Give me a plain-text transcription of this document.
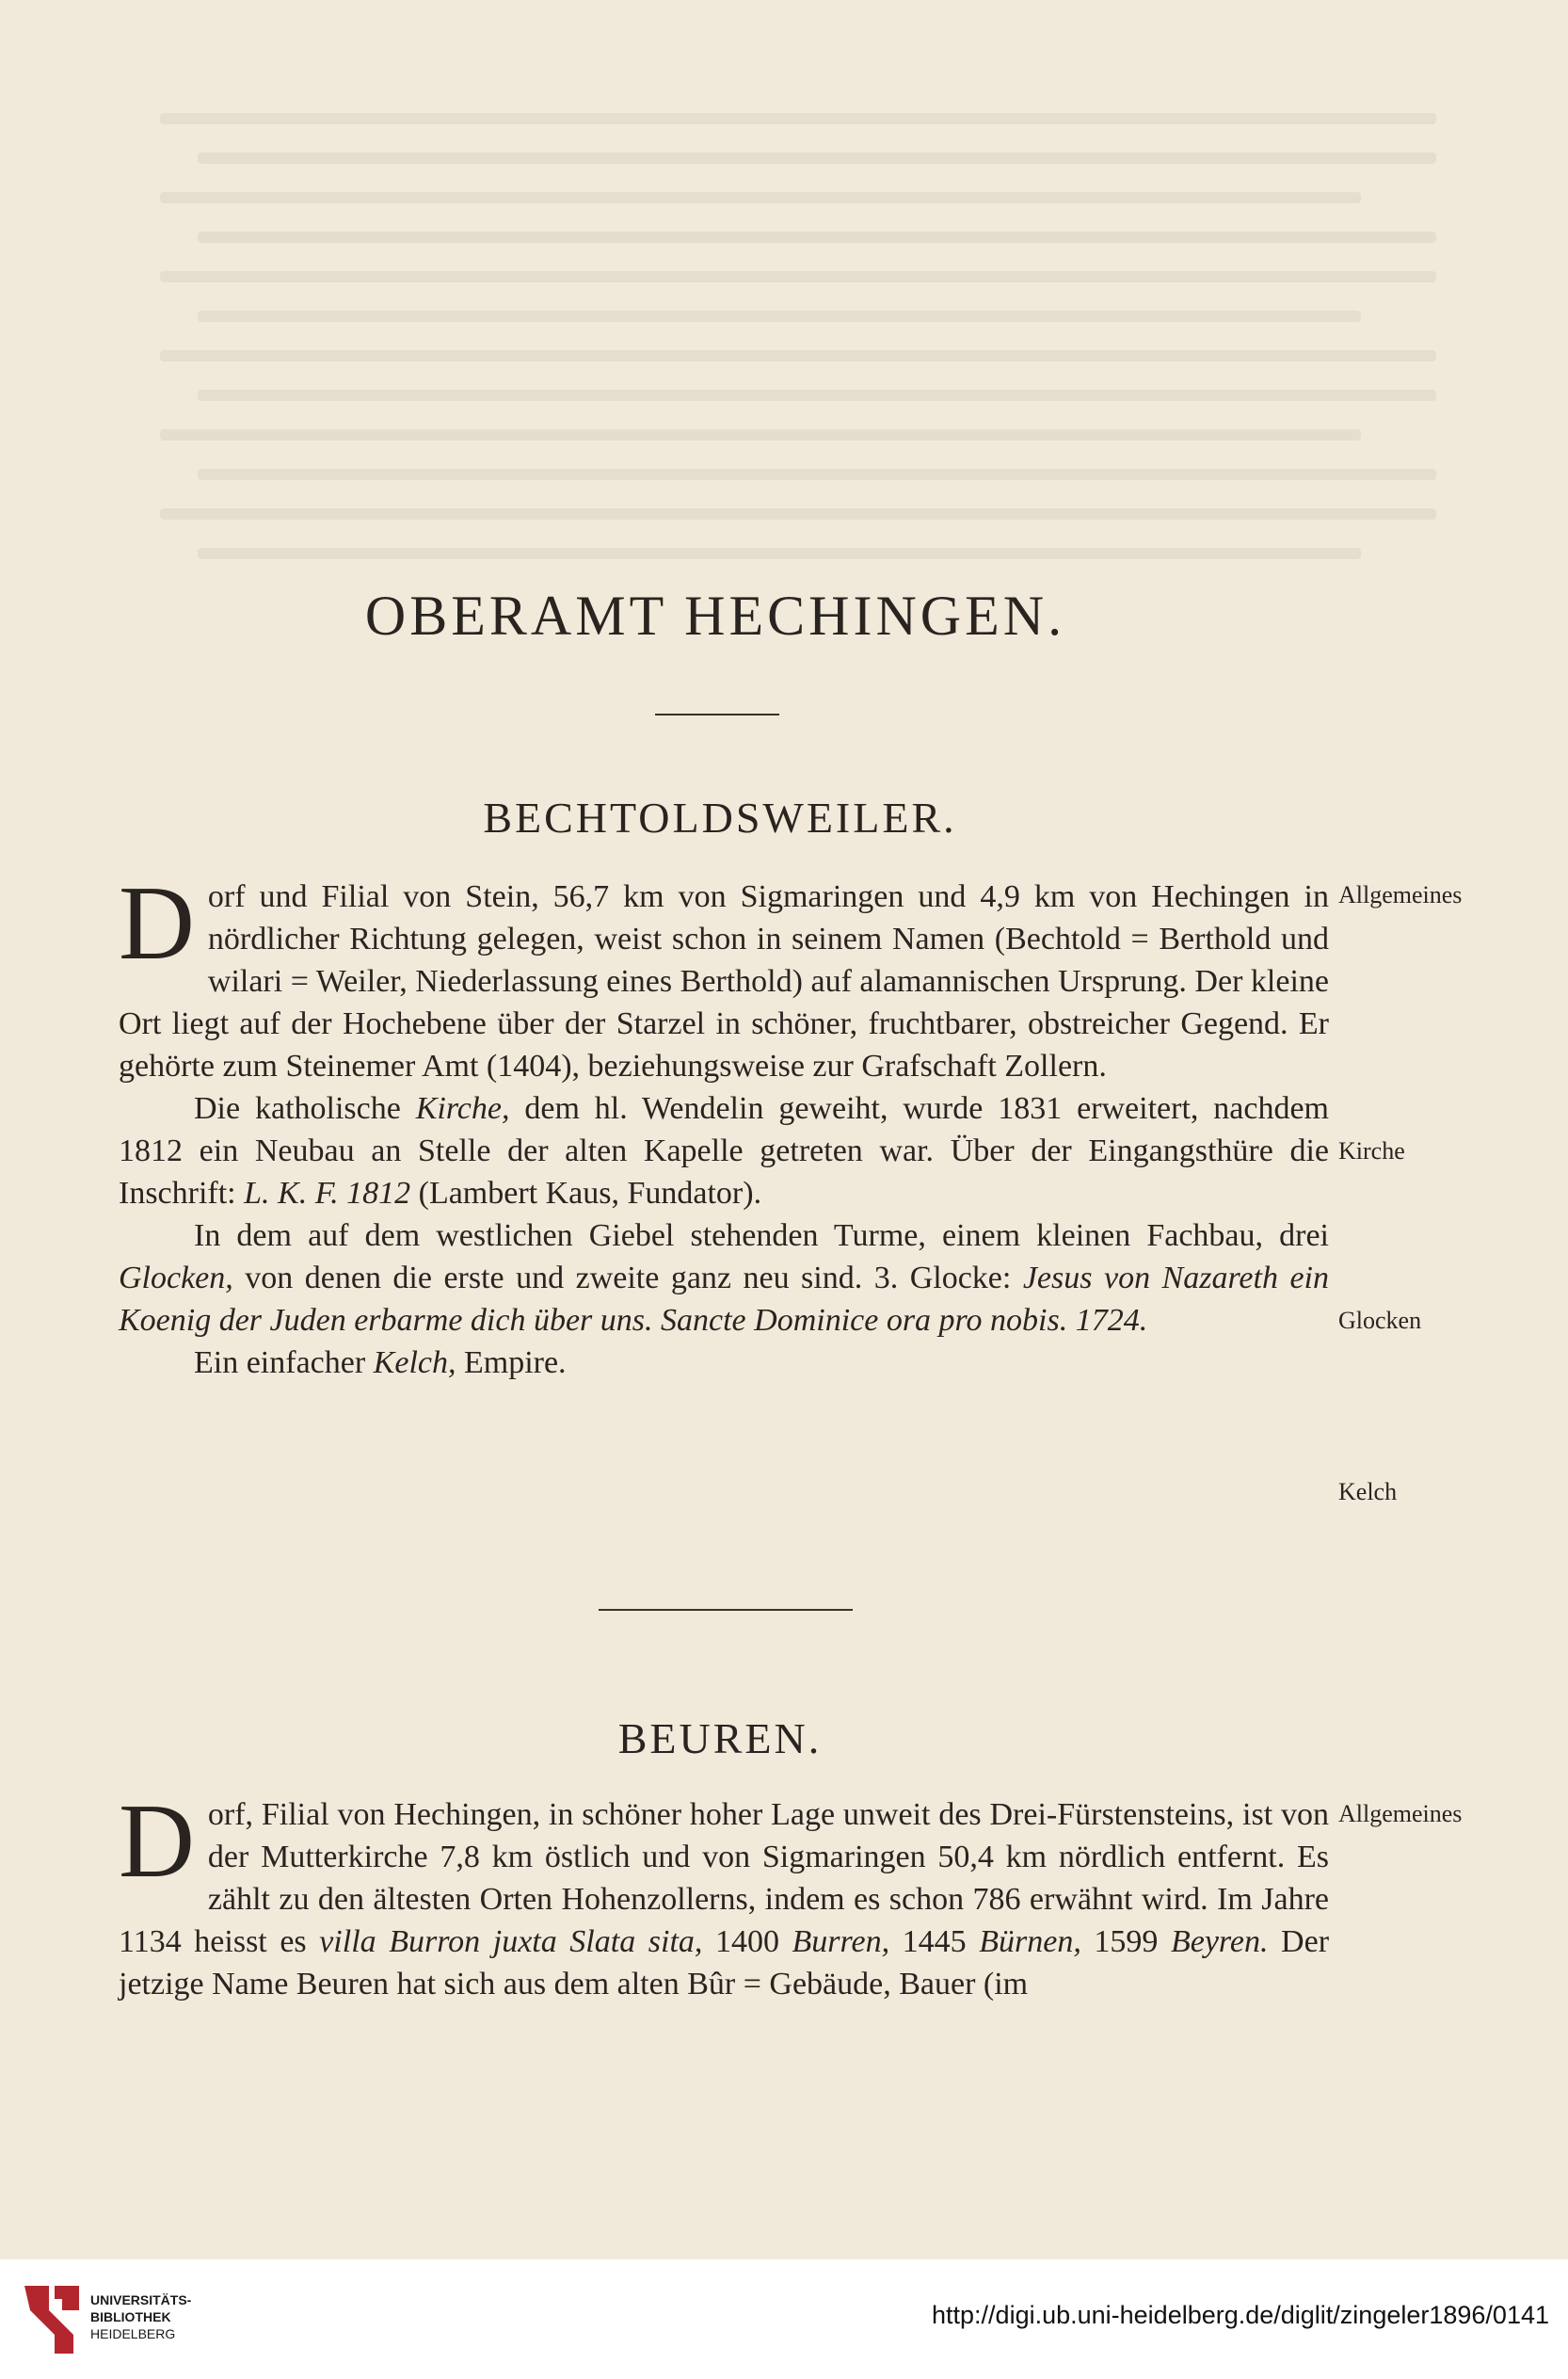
OBERAMT HECHINGEN.
BECHTOLDSWEILER.

Dorf und Filial von Stein, 56,7 km von Sigmaringen und 4,9 km von Hechingen in nördlicher Richtung gelegen, weist schon in seinem Namen (Bechtold = Berthold und wilari = Weiler, Niederlassung eines Berthold) auf alamannischen Ursprung. Der kleine Ort liegt auf der Hochebene über der Starzel in schöner, fruchtbarer, obstreicher Gegend. Er gehörte zum Steinemer Amt (1404), beziehungsweise zur Grafschaft Zollern.

Die katholische Kirche, dem hl. Wendelin geweiht, wurde 1831 erweitert, nachdem 1812 ein Neubau an Stelle der alten Kapelle getreten war. Über der Eingangsthüre die Inschrift: L. K. F. 1812 (Lambert Kaus, Fundator).

In dem auf dem westlichen Giebel stehenden Turme, einem kleinen Fachbau, drei Glocken, von denen die erste und zweite ganz neu sind. 3. Glocke: Jesus von Nazareth ein Koenig der Juden erbarme dich über uns. Sancte Dominice ora pro nobis. 1724.

Ein einfacher Kelch, Empire.

Allgemeines
Kirche
Glocken
Kelch
BEUREN.

Dorf, Filial von Hechingen, in schöner hoher Lage unweit des Drei-Fürstensteins, ist von der Mutterkirche 7,8 km östlich und von Sigmaringen 50,4 km nördlich entfernt. Es zählt zu den ältesten Orten Hohenzollerns, indem es schon 786 erwähnt wird. Im Jahre 1134 heisst es villa Burron juxta Slata sita, 1400 Burren, 1445 Bürnen, 1599 Beyren. Der jetzige Name Beuren hat sich aus dem alten Bûr = Gebäude, Bauer (im

Allgemeines
UNIVERSITÄTS-
BIBLIOTHEK
HEIDELBERG
http://digi.ub.uni-heidelberg.de/diglit/zingeler1896/0141
